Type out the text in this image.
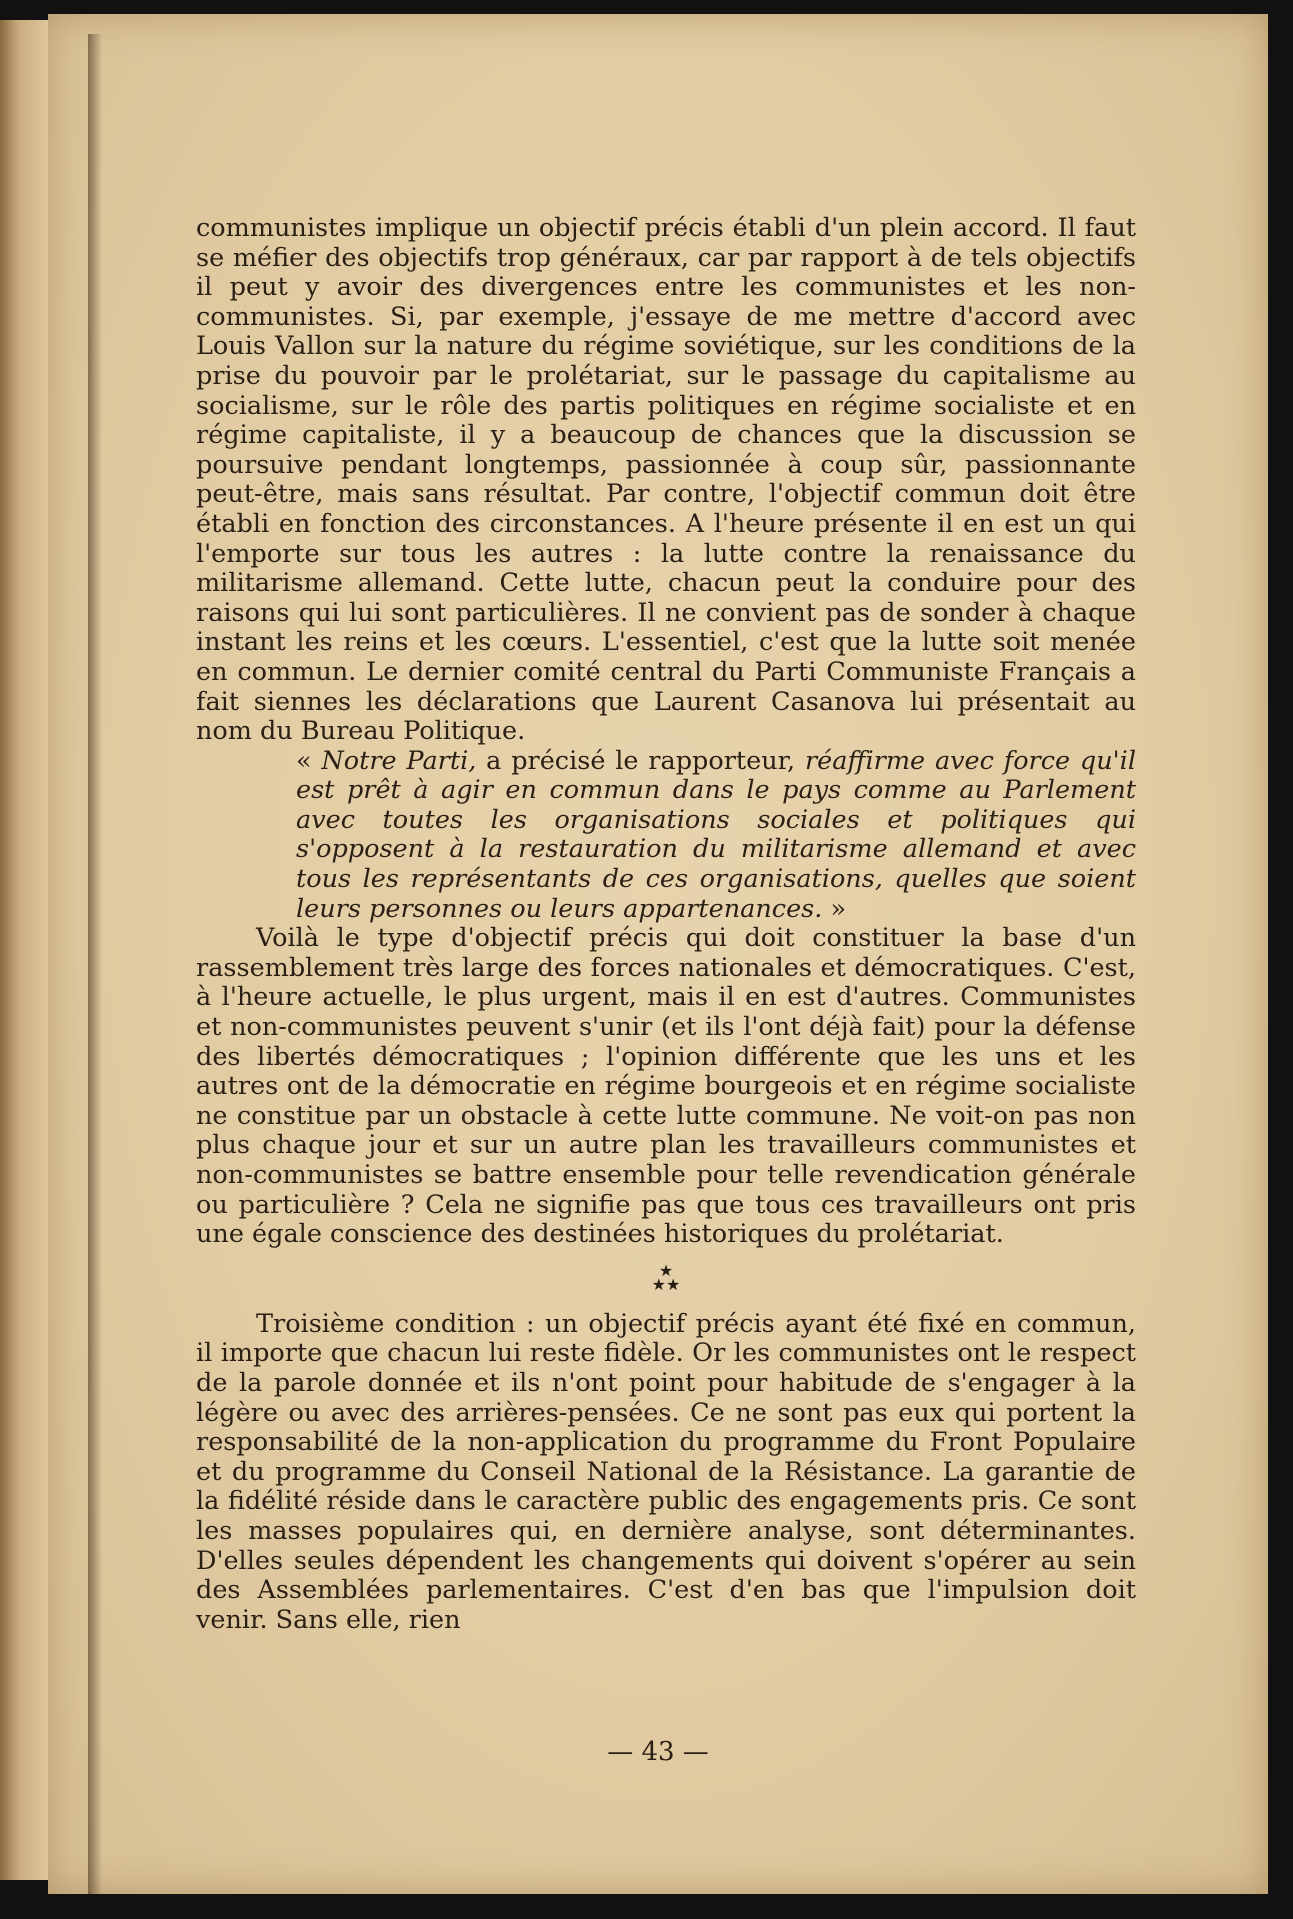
communistes implique un objectif précis établi d'un plein accord. Il faut se méfier des objectifs trop généraux, car par rapport à de tels objectifs il peut y avoir des divergences entre les communistes et les non-communistes. Si, par exemple, j'essaye de me mettre d'accord avec Louis Vallon sur la nature du régime soviétique, sur les conditions de la prise du pouvoir par le prolétariat, sur le passage du capitalisme au socialisme, sur le rôle des partis politiques en régime socialiste et en régime capitaliste, il y a beaucoup de chances que la discussion se poursuive pendant longtemps, passionnée à coup sûr, passionnante peut-être, mais sans résultat. Par contre, l'objectif commun doit être établi en fonction des circonstances. A l'heure présente il en est un qui l'emporte sur tous les autres : la lutte contre la renaissance du militarisme allemand. Cette lutte, chacun peut la conduire pour des raisons qui lui sont particulières. Il ne convient pas de sonder à chaque instant les reins et les cœurs. L'essentiel, c'est que la lutte soit menée en commun. Le dernier comité central du Parti Communiste Français a fait siennes les déclarations que Laurent Casanova lui présentait au nom du Bureau Politique.

« Notre Parti, a précisé le rapporteur, réaffirme avec force qu'il est prêt à agir en commun dans le pays comme au Parlement avec toutes les organisations sociales et politiques qui s'opposent à la restauration du militarisme allemand et avec tous les représentants de ces organisations, quelles que soient leurs personnes ou leurs appartenances. »

Voilà le type d'objectif précis qui doit constituer la base d'un rassemblement très large des forces nationales et démocratiques. C'est, à l'heure actuelle, le plus urgent, mais il en est d'autres. Communistes et non-communistes peuvent s'unir (et ils l'ont déjà fait) pour la défense des libertés démocratiques ; l'opinion différente que les uns et les autres ont de la démocratie en régime bourgeois et en régime socialiste ne constitue par un obstacle à cette lutte commune. Ne voit-on pas non plus chaque jour et sur un autre plan les travailleurs communistes et non-communistes se battre ensemble pour telle revendication générale ou particulière ? Cela ne signifie pas que tous ces travailleurs ont pris une égale conscience des destinées historiques du prolétariat.

★
★★

Troisième condition : un objectif précis ayant été fixé en commun, il importe que chacun lui reste fidèle. Or les communistes ont le respect de la parole donnée et ils n'ont point pour habitude de s'engager à la légère ou avec des arrières-pensées. Ce ne sont pas eux qui portent la responsabilité de la non-application du programme du Front Populaire et du programme du Conseil National de la Résistance. La garantie de la fidélité réside dans le caractère public des engagements pris. Ce sont les masses populaires qui, en dernière analyse, sont déterminantes. D'elles seules dépendent les changements qui doivent s'opérer au sein des Assemblées parlementaires. C'est d'en bas que l'impulsion doit venir. Sans elle, rien

— 43 —
